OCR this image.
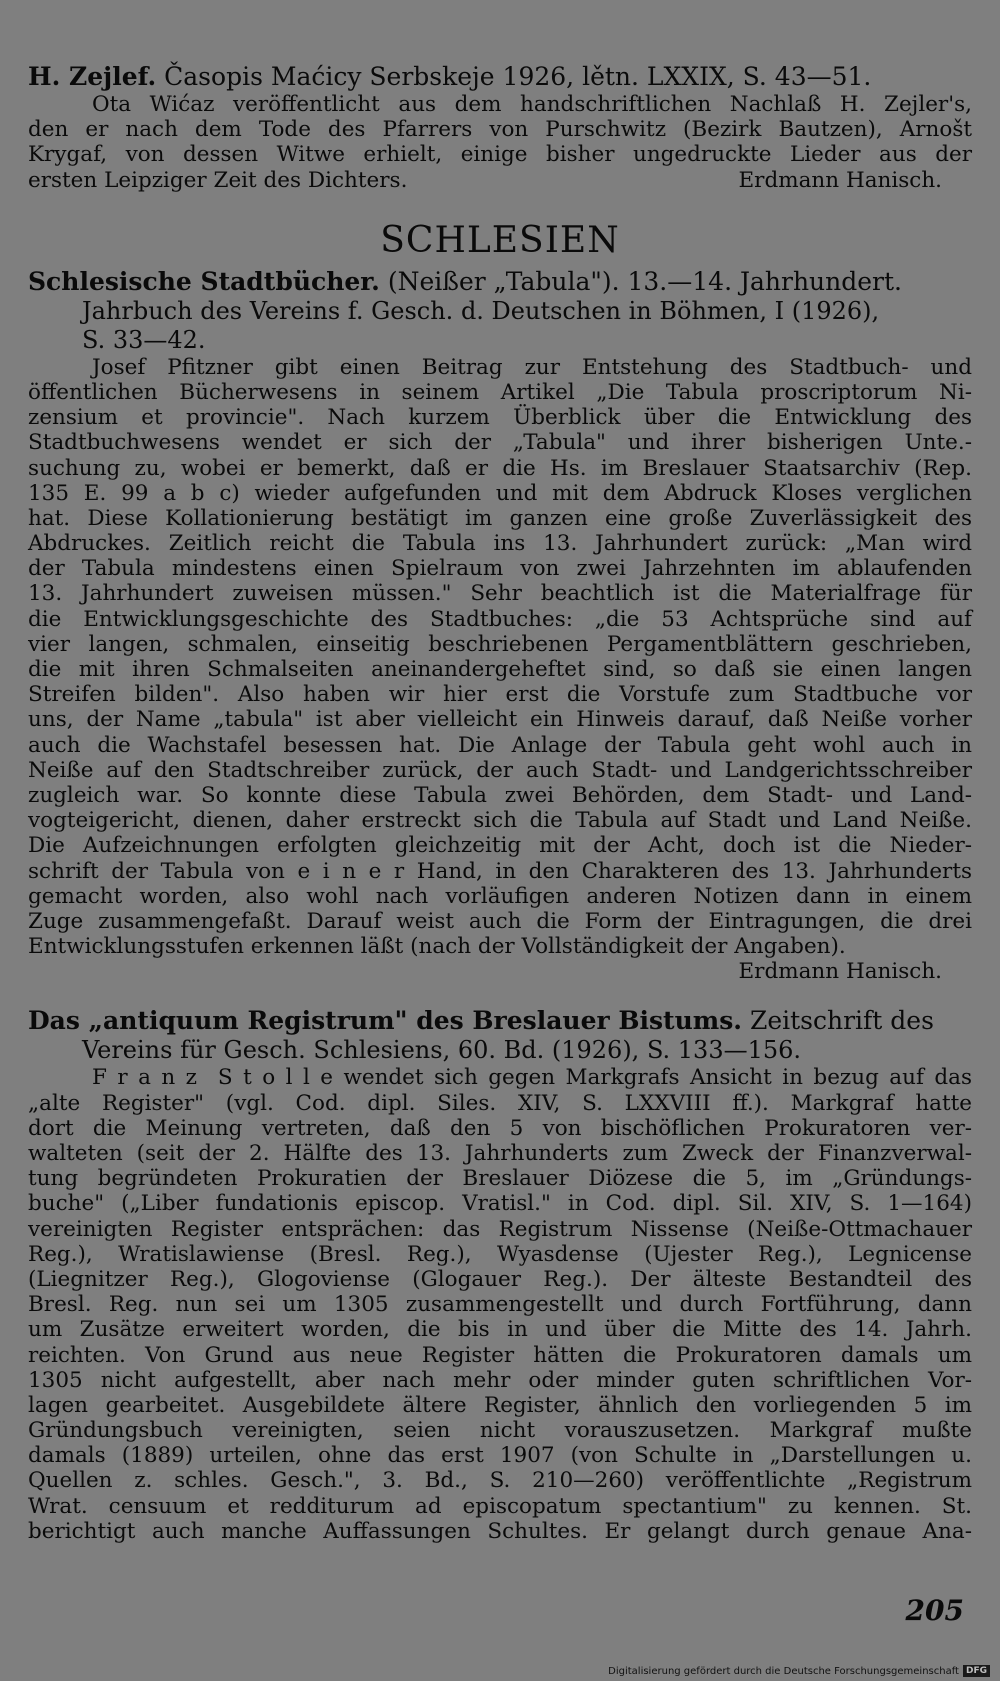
H. Zejlef. Časopis Maćicy Serbskeje 1926, lětn. LXXIX, S. 43—51.
Ota Wićaz veröffentlicht aus dem handschriftlichen Nachlaß H. Zejler's,
den er nach dem Tode des Pfarrers von Purschwitz (Bezirk Bautzen), Arnošt
Krygaf, von dessen Witwe erhielt, einige bisher ungedruckte Lieder aus der
ersten Leipziger Zeit des Dichters.	Erdmann Hanisch.
SCHLESIEN
Schlesische Stadtbücher. (Neißer „Tabula"). 13.—14. Jahrhundert.
Jahrbuch des Vereins f. Gesch. d. Deutschen in Böhmen, I (1926),
S. 33—42.
Josef Pfitzner gibt einen Beitrag zur Entstehung des Stadtbuch- und
öffentlichen Bücherwesens in seinem Artikel „Die Tabula proscriptorum Ni-
zensium et provincie". Nach kurzem Überblick über die Entwicklung des
Stadtbuchwesens wendet er sich der „Tabula" und ihrer bisherigen Unte.-
suchung zu, wobei er bemerkt, daß er die Hs. im Breslauer Staatsarchiv (Rep.
135 E. 99 a b c) wieder aufgefunden und mit dem Abdruck Kloses verglichen
hat. Diese Kollationierung bestätigt im ganzen eine große Zuverlässigkeit des
Abdruckes. Zeitlich reicht die Tabula ins 13. Jahrhundert zurück: „Man wird
der Tabula mindestens einen Spielraum von zwei Jahrzehnten im ablaufenden
13. Jahrhundert zuweisen müssen." Sehr beachtlich ist die Materialfrage für
die Entwicklungsgeschichte des Stadtbuches: „die 53 Achtsprüche sind auf
vier langen, schmalen, einseitig beschriebenen Pergamentblättern geschrieben,
die mit ihren Schmalseiten aneinandergeheftet sind, so daß sie einen langen
Streifen bilden". Also haben wir hier erst die Vorstufe zum Stadtbuche vor
uns, der Name „tabula" ist aber vielleicht ein Hinweis darauf, daß Neiße vorher
auch die Wachstafel besessen hat. Die Anlage der Tabula geht wohl auch in
Neiße auf den Stadtschreiber zurück, der auch Stadt- und Landgerichtsschreiber
zugleich war. So konnte diese Tabula zwei Behörden, dem Stadt- und Land-
vogteigericht, dienen, daher erstreckt sich die Tabula auf Stadt und Land Neiße.
Die Aufzeichnungen erfolgten gleichzeitig mit der Acht, doch ist die Nieder-
schrift der Tabula von e i n e r Hand, in den Charakteren des 13. Jahrhunderts
gemacht worden, also wohl nach vorläufigen anderen Notizen dann in einem
Zuge zusammengefaßt. Darauf weist auch die Form der Eintragungen, die drei
Entwicklungsstufen erkennen läßt (nach der Vollständigkeit der Angaben).
Erdmann Hanisch.
Das „antiquum Registrum" des Breslauer Bistums. Zeitschrift des
Vereins für Gesch. Schlesiens, 60. Bd. (1926), S. 133—156.
F r a n z  S t o l l e wendet sich gegen Markgrafs Ansicht in bezug auf das
„alte Register" (vgl. Cod. dipl. Siles. XIV, S. LXXVIII ff.). Markgraf hatte
dort die Meinung vertreten, daß den 5 von bischöflichen Prokuratoren ver-
walteten (seit der 2. Hälfte des 13. Jahrhunderts zum Zweck der Finanzverwal-
tung begründeten Prokuratien der Breslauer Diözese die 5, im „Gründungs-
buche" („Liber fundationis episcop. Vratisl." in Cod. dipl. Sil. XIV, S. 1—164)
vereinigten Register entsprächen: das Registrum Nissense (Neiße-Ottmachauer
Reg.), Wratislawiense (Bresl. Reg.), Wyasdense (Ujester Reg.), Legnicense
(Liegnitzer Reg.), Glogoviense (Glogauer Reg.). Der älteste Bestandteil des
Bresl. Reg. nun sei um 1305 zusammengestellt und durch Fortführung, dann
um Zusätze erweitert worden, die bis in und über die Mitte des 14. Jahrh.
reichten. Von Grund aus neue Register hätten die Prokuratoren damals um
1305 nicht aufgestellt, aber nach mehr oder minder guten schriftlichen Vor-
lagen gearbeitet. Ausgebildete ältere Register, ähnlich den vorliegenden 5 im
Gründungsbuch vereinigten, seien nicht vorauszusetzen. Markgraf mußte
damals (1889) urteilen, ohne das erst 1907 (von Schulte in „Darstellungen u.
Quellen z. schles. Gesch.", 3. Bd., S. 210—260) veröffentlichte „Registrum
Wrat. censuum et redditurum ad episcopatum spectantium" zu kennen. St.
berichtigt auch manche Auffassungen Schultes. Er gelangt durch genaue Ana-
205
Digitalisierung gefördert durch die Deutsche Forschungsgemeinschaft DFG
